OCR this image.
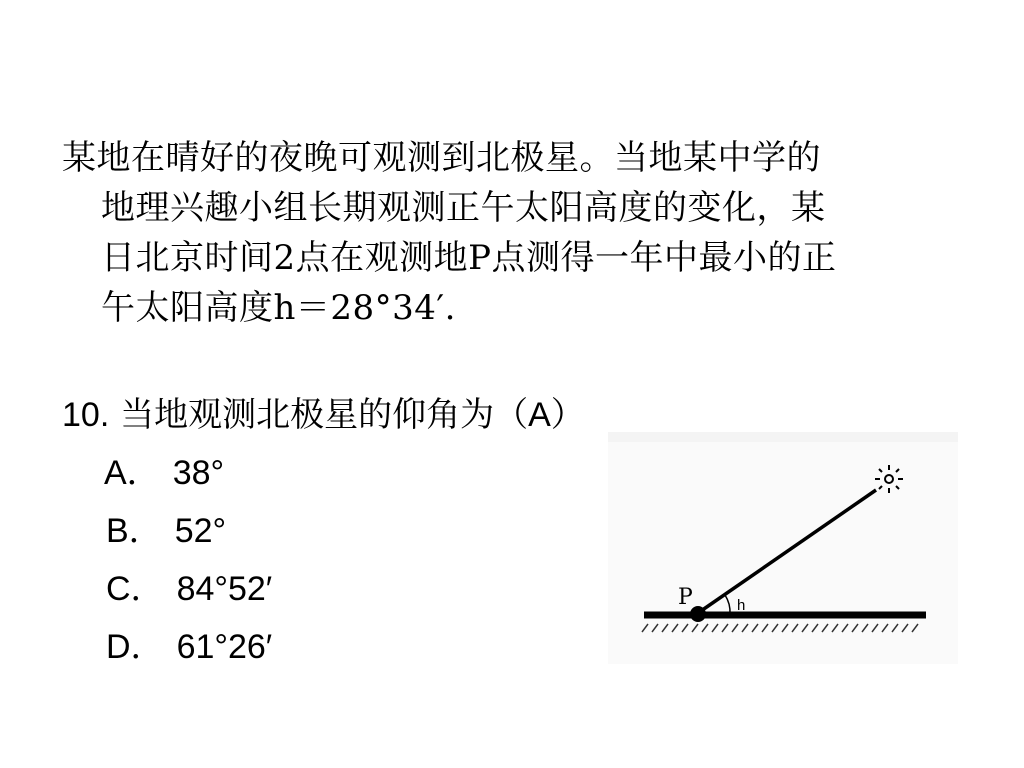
某地在晴好的夜晚可观测到北极星。当地某中学的
地理兴趣小组长期观测正午太阳高度的变化，某
日北京时间2点在观测地P点测得一年中最小的正
午太阳高度h＝28°34′.
10. 当地观测北极星的仰角为（A）
A． 38°
B． 52°
C． 84°52′
D． 61°26′
P	h
